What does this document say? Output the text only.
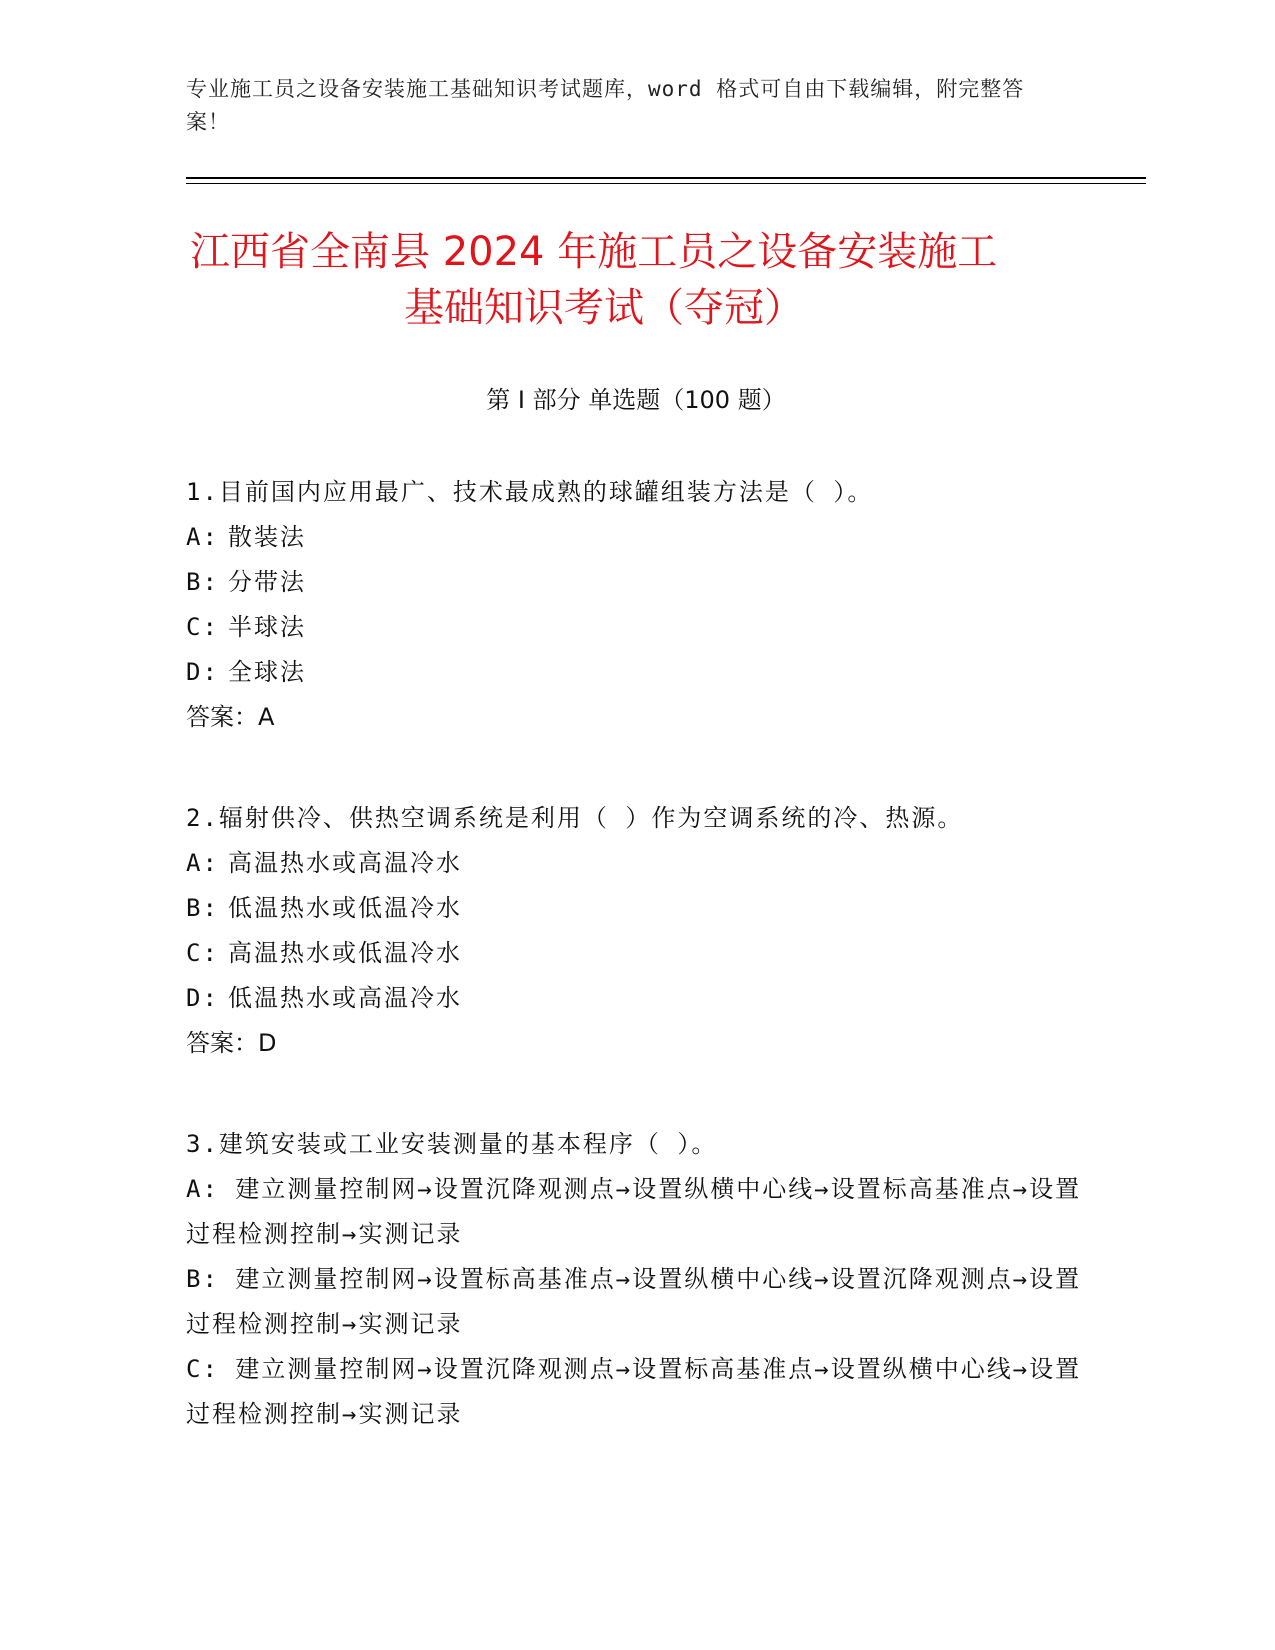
专业施工员之设备安装施工基础知识考试题库，word 格式可自由下载编辑，附完整答案！
江西省全南县 2024 年施工员之设备安装施工
基础知识考试（夺冠）
第 I 部分 单选题（100 题）
1.目前国内应用最广、技术最成熟的球罐组装方法是（ ）。
A: 散装法
B: 分带法
C: 半球法
D: 全球法
答案：A
2.辐射供冷、供热空调系统是利用（ ）作为空调系统的冷、热源。
A: 高温热水或高温冷水
B: 低温热水或低温冷水
C: 高温热水或低温冷水
D: 低温热水或高温冷水
答案：D
3.建筑安装或工业安装测量的基本程序（ ）。
A: 建立测量控制网→设置沉降观测点→设置纵横中心线→设置标高基准点→设置过程检测控制→实测记录
B: 建立测量控制网→设置标高基准点→设置纵横中心线→设置沉降观测点→设置过程检测控制→实测记录
C: 建立测量控制网→设置沉降观测点→设置标高基准点→设置纵横中心线→设置过程检测控制→实测记录
